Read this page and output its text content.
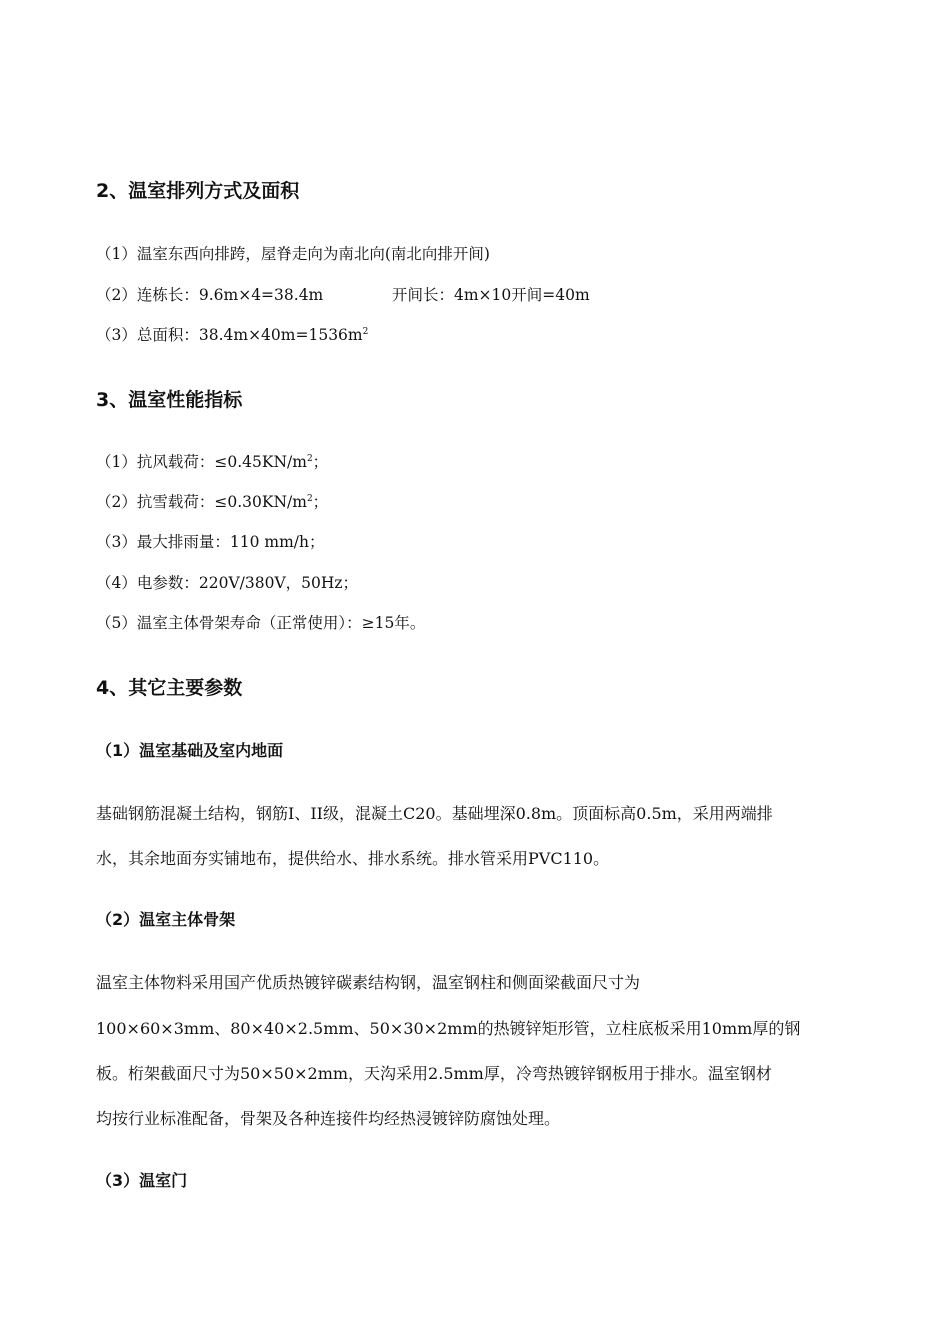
2、温室排列方式及面积
（1）温室东西向排跨，屋脊走向为南北向(南北向排开间)
（2）连栋长：9.6m×4=38.4m	开间长：4m×10开间=40m
（3）总面积：$38.4m\times 40m=1536m^2$
3、温室性能指标
（1）抗风载荷：$\le 0.45KN/m^2$；
（2）抗雪载荷：$\le 0.30KN/m^2$；
（3）最大排雨量：110 mm/h；
（4）电参数：220V/380V，50Hz；
（5）温室主体骨架寿命（正常使用）：≥15年。
4、其它主要参数
（1）温室基础及室内地面
基础钢筋混凝土结构，钢筋Ⅰ、ⅠI级，混凝土C20。基础埋深0.8m。顶面标高0.5m，采用两端排
水，其余地面夯实铺地布，提供给水、排水系统。排水管采用PVC110。
（2）温室主体骨架
温室主体物料采用国产优质热镀锌碳素结构钢，温室钢柱和侧面梁截面尺寸为
100×60×3mm、80×40×2.5mm、50×30×2mm的热镀锌矩形管，立柱底板采用10mm厚的钢
板。桁架截面尺寸为50×50×2mm，天沟采用2.5mm厚，冷弯热镀锌钢板用于排水。温室钢材
均按行业标准配备，骨架及各种连接件均经热浸镀锌防腐蚀处理。
（3）温室门
